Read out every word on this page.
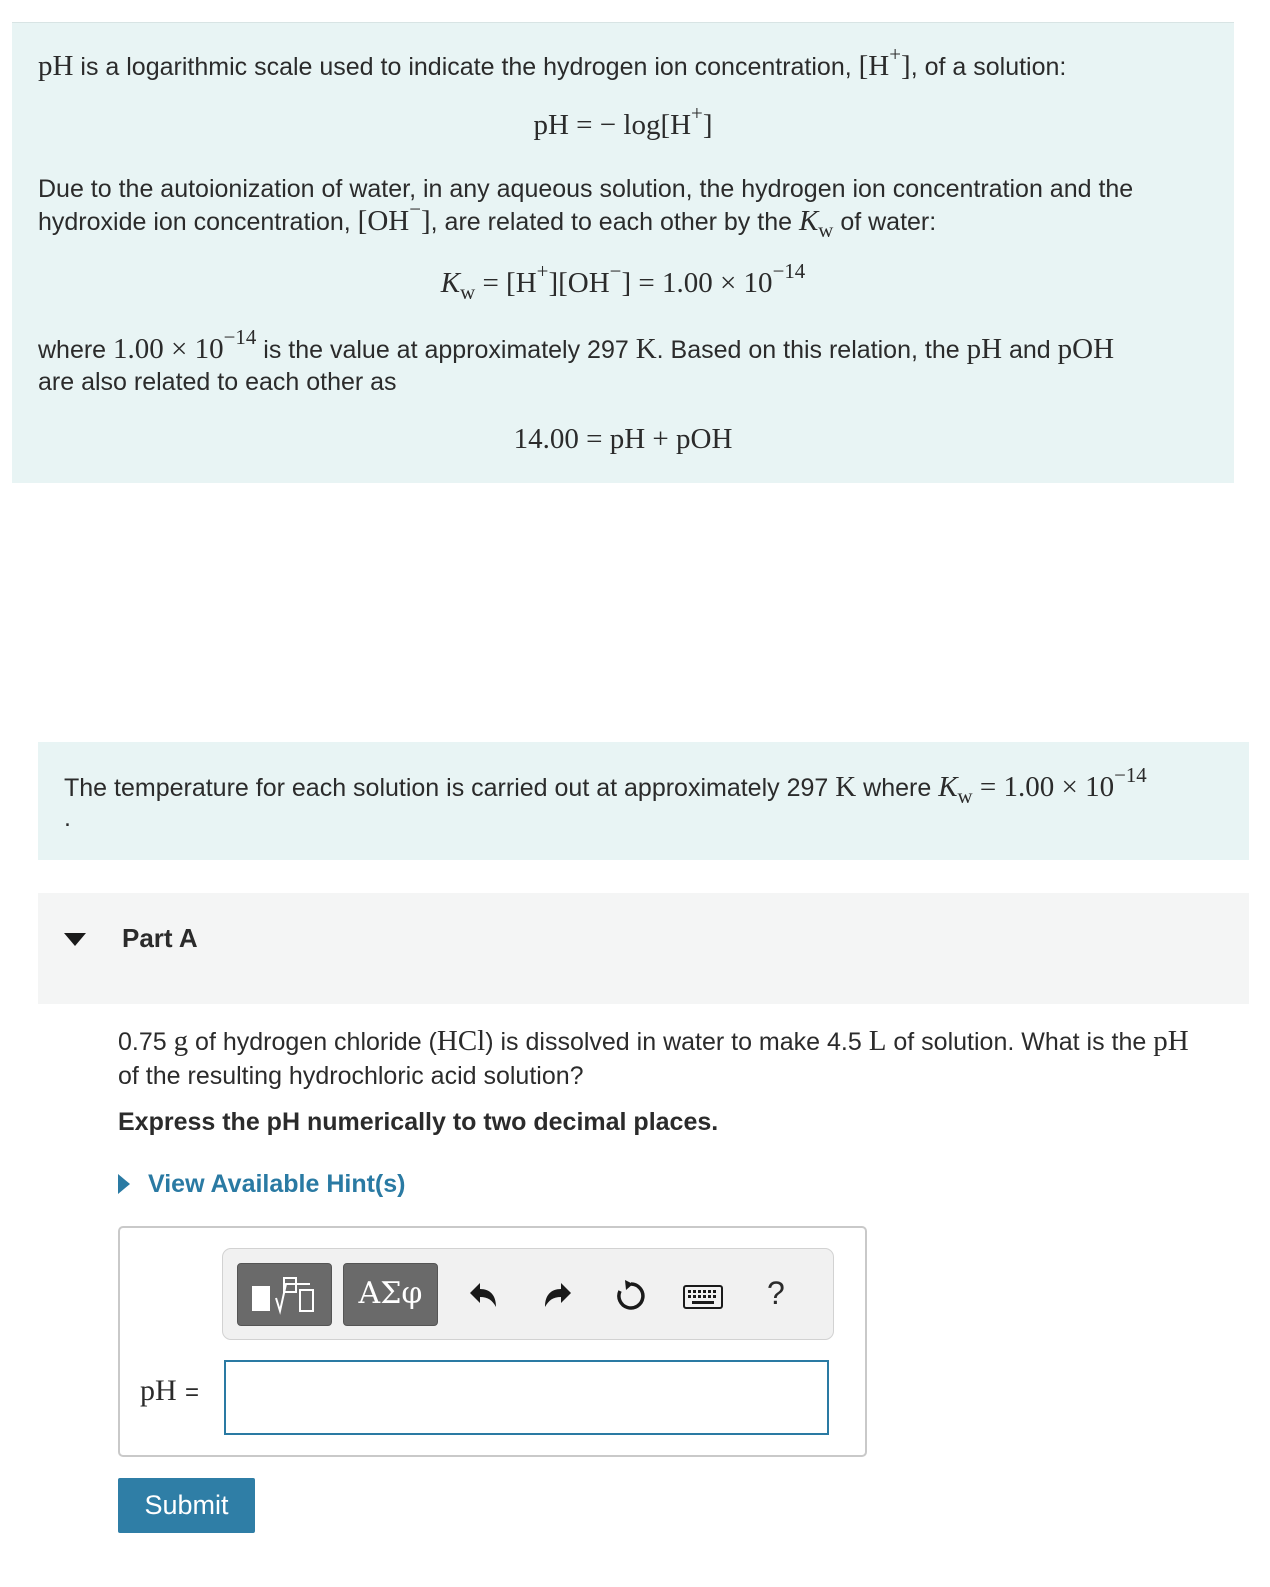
pH is a logarithmic scale used to indicate the hydrogen ion concentration, [H+], of a solution:
pH = − log[H+]
Due to the autoionization of water, in any aqueous solution, the hydrogen ion concentration and the
hydroxide ion concentration, [OH−], are related to each other by the $K_w$ of water:
$K_w = [H^+][OH^-] = 1.00 \times 10^{-14}$
where $1.00 \times 10^{-14}$ is the value at approximately 297 K. Based on this relation, the pH and pOH
are also related to each other as
14.00 = pH + pOH
The temperature for each solution is carried out at approximately 297 K where $K_w = 1.00 \times 10^{-14}$
.
Part A
0.75 g of hydrogen chloride (HCl) is dissolved in water to make 4.5 L of solution. What is the pH
of the resulting hydrochloric acid solution?
Express the pH numerically to two decimal places.
View Available Hint(s)
ΑΣφ	?
pH =
Submit
